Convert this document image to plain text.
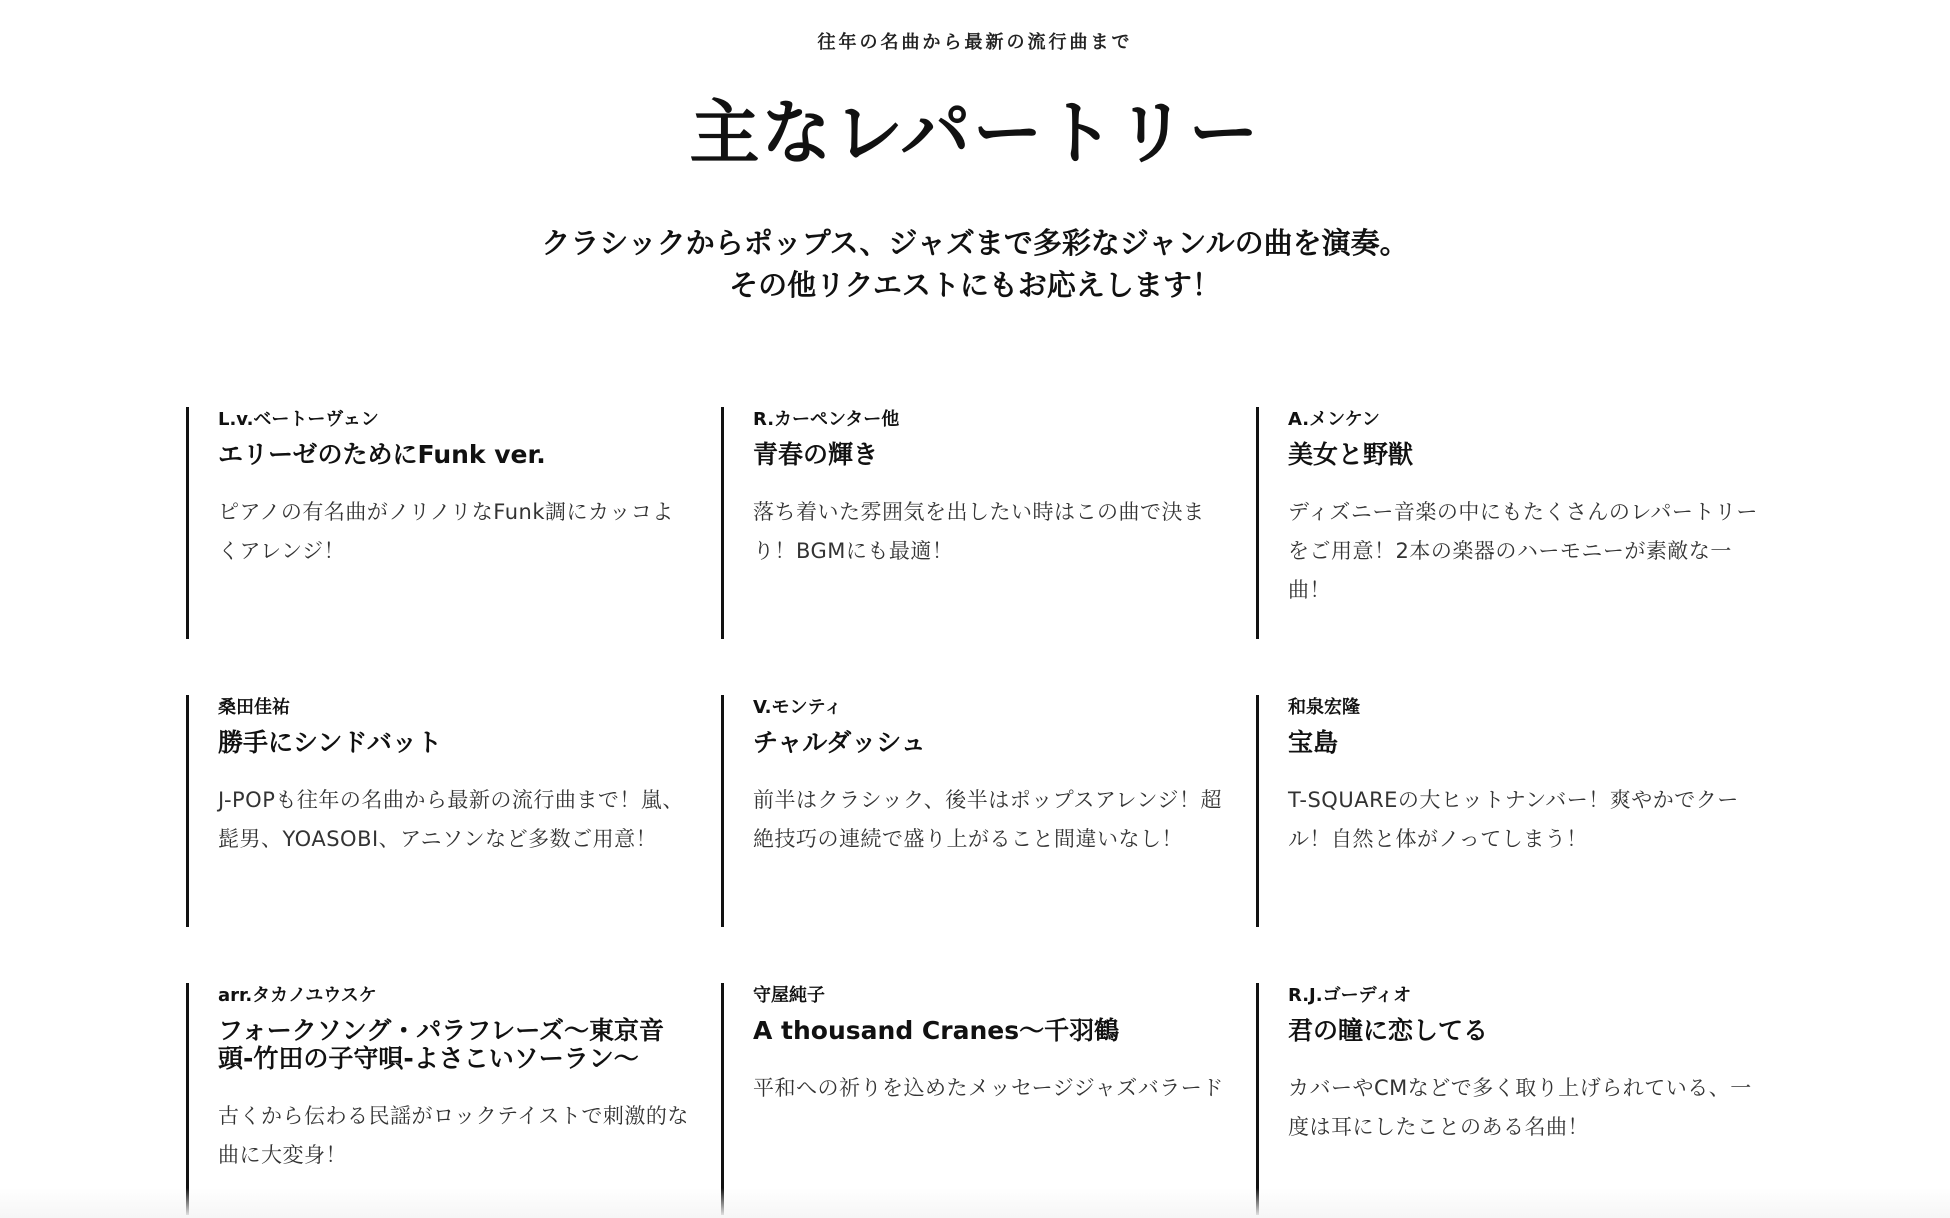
往年の名曲から最新の流行曲まで
主なレパートリー
クラシックからポップス、ジャズまで多彩なジャンルの曲を演奏。
その他リクエストにもお応えします！
L.v.ベートーヴェン
エリーゼのためにFunk ver.
ピアノの有名曲がノリノリなFunk調にカッコよくアレンジ！
R.カーペンター他
青春の輝き
落ち着いた雰囲気を出したい時はこの曲で決まり！BGMにも最適！
A.メンケン
美女と野獣
ディズニー音楽の中にもたくさんのレパートリーをご用意！2本の楽器のハーモニーが素敵な一曲！
桑田佳祐
勝手にシンドバット
J-POPも往年の名曲から最新の流行曲まで！嵐、髭男、YOASOBI、アニソンなど多数ご用意！
V.モンティ
チャルダッシュ
前半はクラシック、後半はポップスアレンジ！超絶技巧の連続で盛り上がること間違いなし！
和泉宏隆
宝島
T-SQUAREの大ヒットナンバー！爽やかでクール！自然と体がノってしまう！
arr.タカノユウスケ
フォークソング・パラフレーズ〜東京音頭-竹田の子守唄-よさこいソーラン〜
古くから伝わる民謡がロックテイストで刺激的な曲に大変身！
守屋純子
A thousand Cranes〜千羽鶴
平和への祈りを込めたメッセージジャズバラード
R.J.ゴーディオ
君の瞳に恋してる
カバーやCMなどで多く取り上げられている、一度は耳にしたことのある名曲！
